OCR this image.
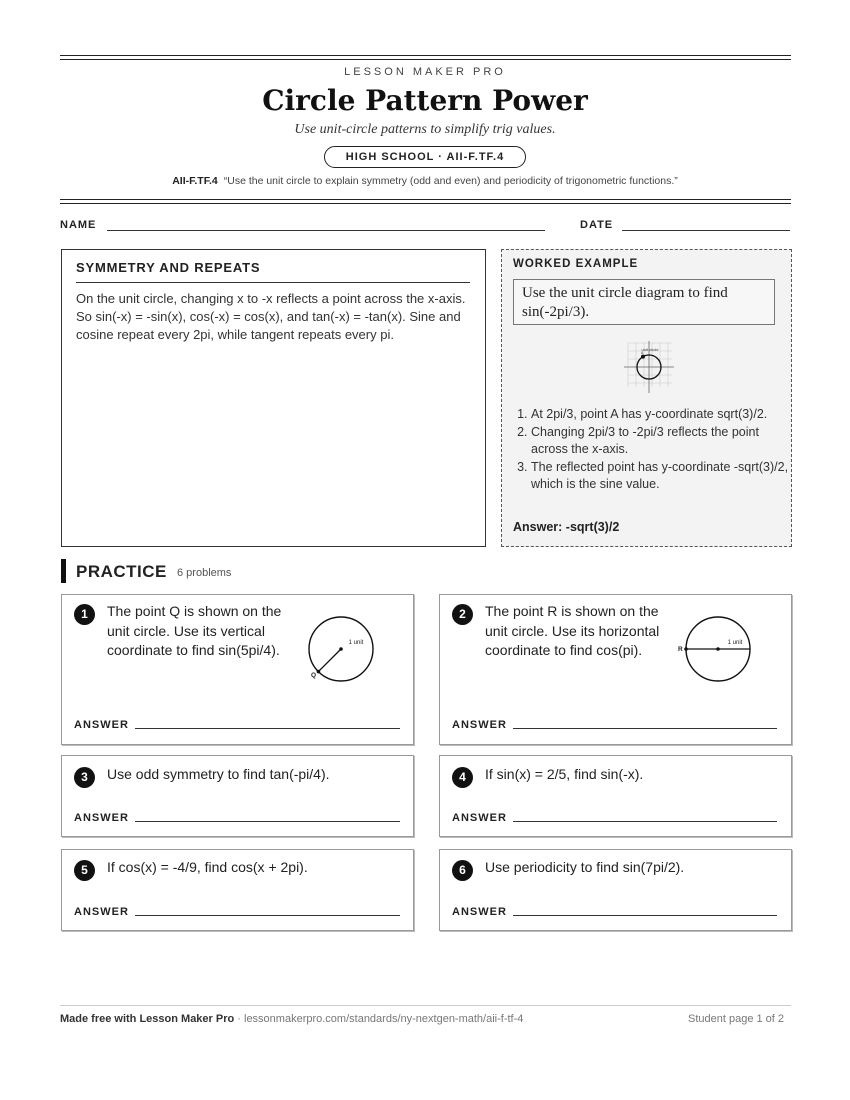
LESSON MAKER PRO
Circle Pattern Power
Use unit-circle patterns to simplify trig values.
HIGH SCHOOL · AII-F.TF.4
AII-F.TF.4 “Use the unit circle to explain symmetry (odd and even) and periodicity of trigonometric functions.”
NAME	DATE
SYMMETRY AND REPEATS
On the unit circle, changing x to -x reflects a point across the x-axis. So sin(-x) = -sin(x), cos(-x) = cos(x), and tan(-x) = -tan(x). Sine and cosine repeat every 2pi, while tangent repeats every pi.
WORKED EXAMPLE
Use the unit circle diagram to find sin(-2pi/3).
unit circle
A
1. At 2pi/3, point A has y-coordinate sqrt(3)/2.
2. Changing 2pi/3 to -2pi/3 reflects the point across the x-axis.
3. The reflected point has y-coordinate -sqrt(3)/2, which is the sine value.
Answer: -sqrt(3)/2
PRACTICE 6 problems
1	The point Q is shown on the unit circle. Use its vertical coordinate to find sin(5pi/4).	1 unit
Q
ANSWER
2	The point R is shown on the unit circle. Use its horizontal coordinate to find cos(pi).	1 unit
R
ANSWER
3	Use odd symmetry to find tan(-pi/4).
ANSWER
4	If sin(x) = 2/5, find sin(-x).
ANSWER
5	If cos(x) = -4/9, find cos(x + 2pi).
ANSWER
6	Use periodicity to find sin(7pi/2).
ANSWER
Made free with Lesson Maker Pro · lessonmakerpro.com/standards/ny-nextgen-math/aii-f-tf-4	Student page 1 of 2
